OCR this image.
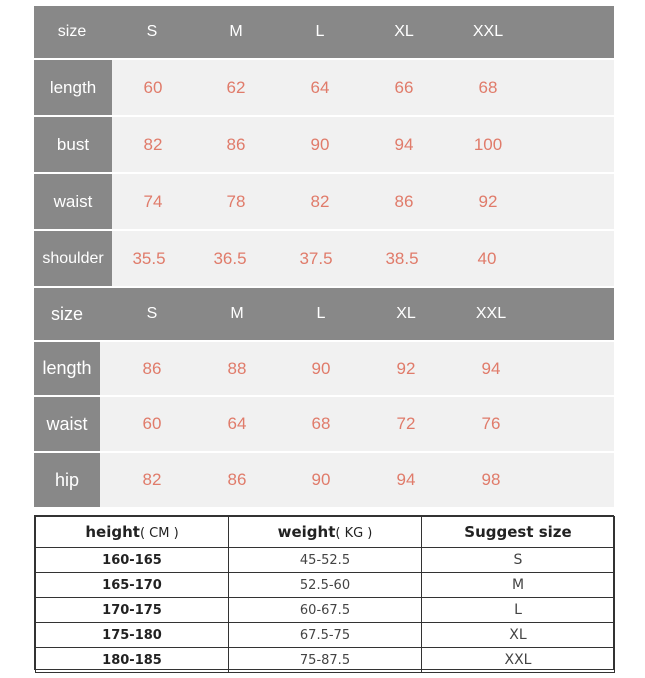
size	S	M	L	XL	XXL
length	60	62	64	66	68
bust	82	86	90	94	100
waist	74	78	82	86	92
shoulder	35.5	36.5	37.5	38.5	40
size	S	M	L	XL	XXL
length	86	88	90	92	94
waist	60	64	68	72	76
hip	82	86	90	94	98
height( CM )	weight( KG )	Suggest size
160-165	45-52.5	S
165-170	52.5-60	M
170-175	60-67.5	L
175-180	67.5-75	XL
180-185	75-87.5	XXL
